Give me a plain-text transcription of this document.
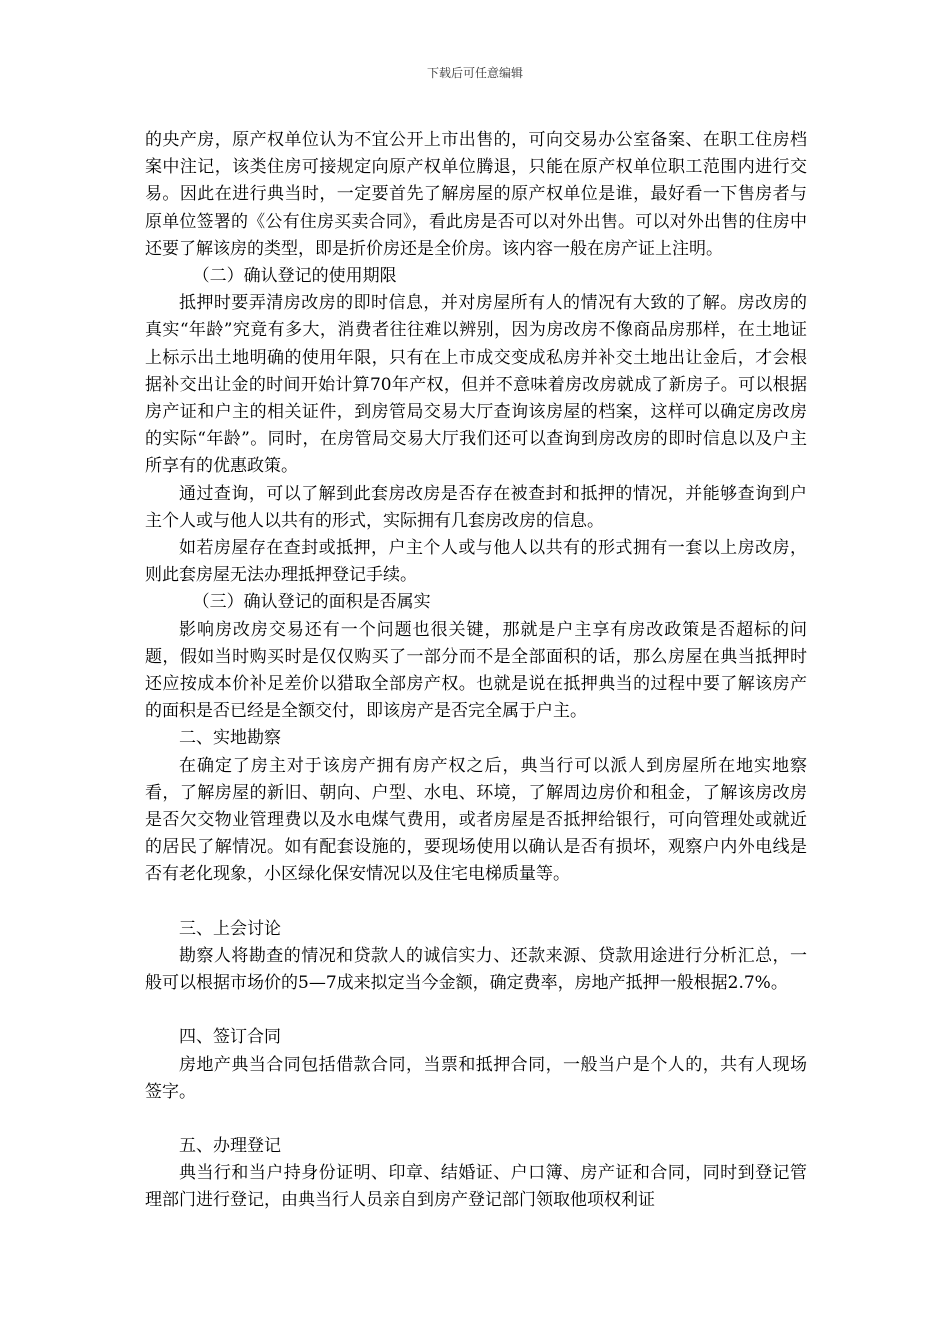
下载后可任意编辑

的央产房，原产权单位认为不宜公开上市出售的，可向交易办公室备案、在职工住房档案中注记，该类住房可接规定向原产权单位腾退，只能在原产权单位职工范围内进行交易。因此在进行典当时，一定要首先了解房屋的原产权单位是谁，最好看一下售房者与原单位签署的《公有住房买卖合同》，看此房是否可以对外出售。可以对外出售的住房中还要了解该房的类型，即是折价房还是全价房。该内容一般在房产证上注明。

（二）确认登记的使用期限

抵押时要弄清房改房的即时信息，并对房屋所有人的情况有大致的了解。房改房的真实“年龄”究竟有多大，消费者往往难以辨别，因为房改房不像商品房那样，在土地证上标示出土地明确的使用年限，只有在上市成交变成私房并补交土地出让金后，才会根据补交出让金的时间开始计算70年产权，但并不意味着房改房就成了新房子。可以根据房产证和户主的相关证件，到房管局交易大厅查询该房屋的档案，这样可以确定房改房的实际“年龄”。同时，在房管局交易大厅我们还可以查询到房改房的即时信息以及户主所享有的优惠政策。

通过查询，可以了解到此套房改房是否存在被查封和抵押的情况，并能够查询到户主个人或与他人以共有的形式，实际拥有几套房改房的信息。

如若房屋存在查封或抵押，户主个人或与他人以共有的形式拥有一套以上房改房，则此套房屋无法办理抵押登记手续。

（三）确认登记的面积是否属实

影响房改房交易还有一个问题也很关键，那就是户主享有房改政策是否超标的问题，假如当时购买时是仅仅购买了一部分而不是全部面积的话，那么房屋在典当抵押时还应按成本价补足差价以猎取全部房产权。也就是说在抵押典当的过程中要了解该房产的面积是否已经是全额交付，即该房产是否完全属于户主。

二、实地勘察

在确定了房主对于该房产拥有房产权之后，典当行可以派人到房屋所在地实地察看，了解房屋的新旧、朝向、户型、水电、环境，了解周边房价和租金，了解该房改房是否欠交物业管理费以及水电煤气费用，或者房屋是否抵押给银行，可向管理处或就近的居民了解情况。如有配套设施的，要现场使用以确认是否有损坏，观察户内外电线是否有老化现象，小区绿化保安情况以及住宅电梯质量等。

三、上会讨论

勘察人将勘查的情况和贷款人的诚信实力、还款来源、贷款用途进行分析汇总，一般可以根据市场价的5—7成来拟定当今金额，确定费率，房地产抵押一般根据2.7%。

四、签订合同

房地产典当合同包括借款合同，当票和抵押合同，一般当户是个人的，共有人现场签字。

五、办理登记

典当行和当户持身份证明、印章、结婚证、户口簿、房产证和合同，同时到登记管理部门进行登记，由典当行人员亲自到房产登记部门领取他项权利证
